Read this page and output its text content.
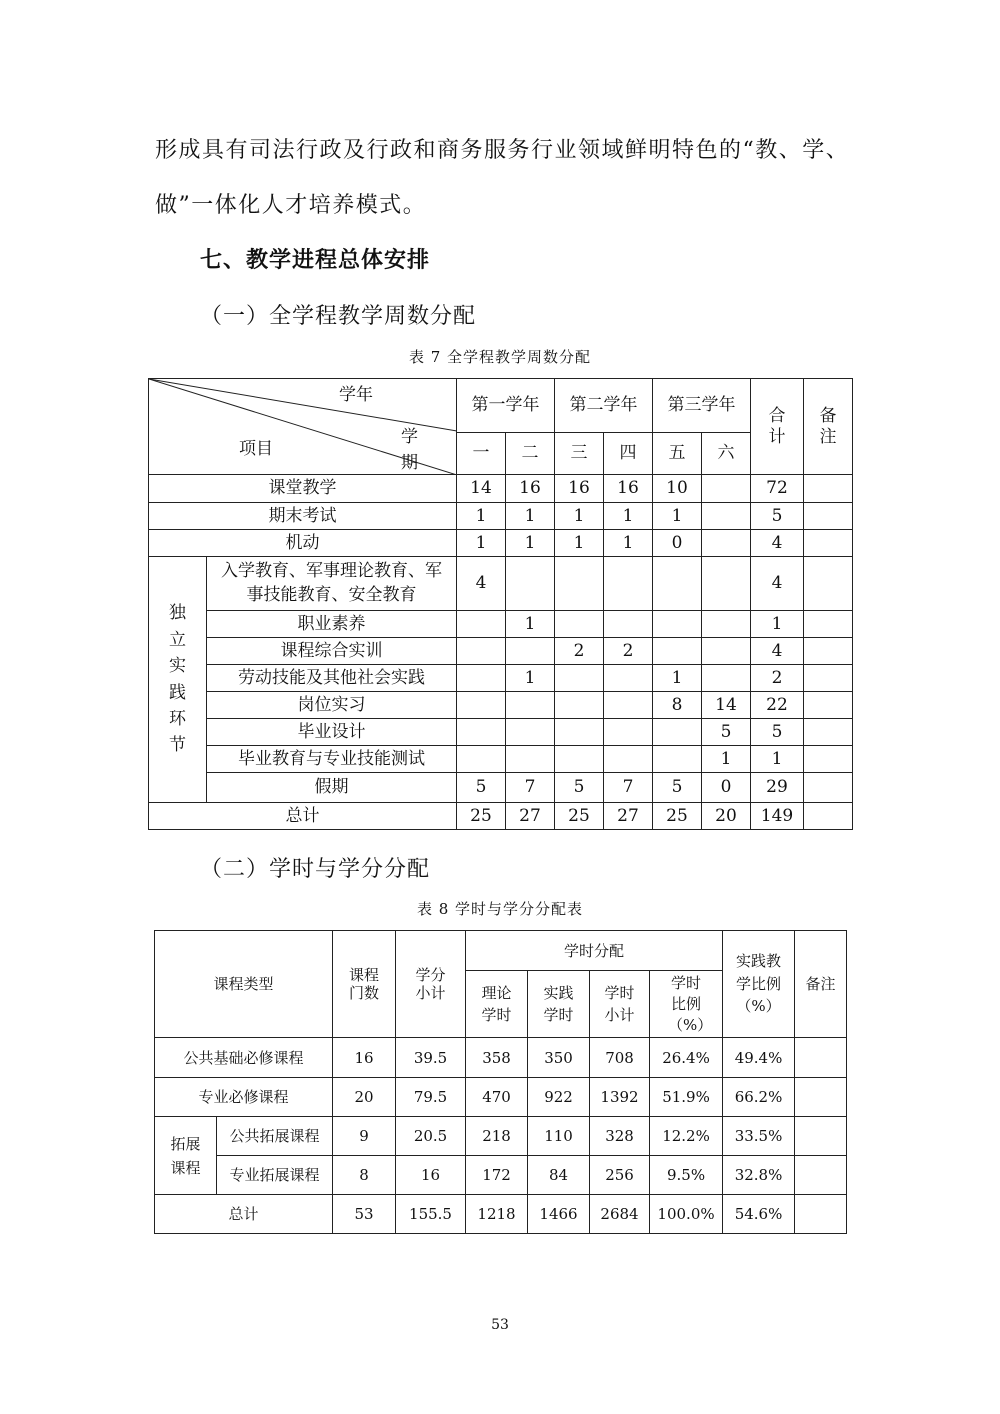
形成具有司法行政及行政和商务服务行业领域鲜明特色的“教、学、
做”一体化人才培养模式。
七、教学进程总体安排
（一）全学程教学周数分配
表 7 全学程教学周数分配
学年
项目
学
期		第一学年		第二学年		第三学年		合计	备注
		一	二	三	四	五	六		
课堂教学		14	16	16	16	10		72	
期末考试		1	1	1	1	1		5	
机动		1	1	1	1	0		4	

独立实践环节	入学教育、军事理论教育、军事技能教育、安全教育	4						4	
	职业素养		1					1	
	课程综合实训			2	2			4	
	劳动技能及其他社会实践		1			1		2	
	岗位实习					8	14	22	
	毕业设计						5	5	
	毕业教育与专业技能测试						1	1	
	假期	5	7	5	7	5	0	29	
总计		25	27	25	27	25	20	149	
（二）学时与学分分配
表 8 学时与学分分配表
课程类型		课程门数	学分小计	学时分配				实践教学比例（%）	备注
				理论学时	实践学时	学时小计	学时比例（%）		
公共基础必修课程		16	39.5	358	350	708	26.4%	49.4%	
专业必修课程		20	79.5	470	922	1392	51.9%	66.2%	
拓展课程	公共拓展课程	9	20.5	218	110	328	12.2%	33.5%	
	专业拓展课程	8	16	172	84	256	9.5%	32.8%	
总计		53	155.5	1218	1466	2684	100.0%	54.6%	
53
